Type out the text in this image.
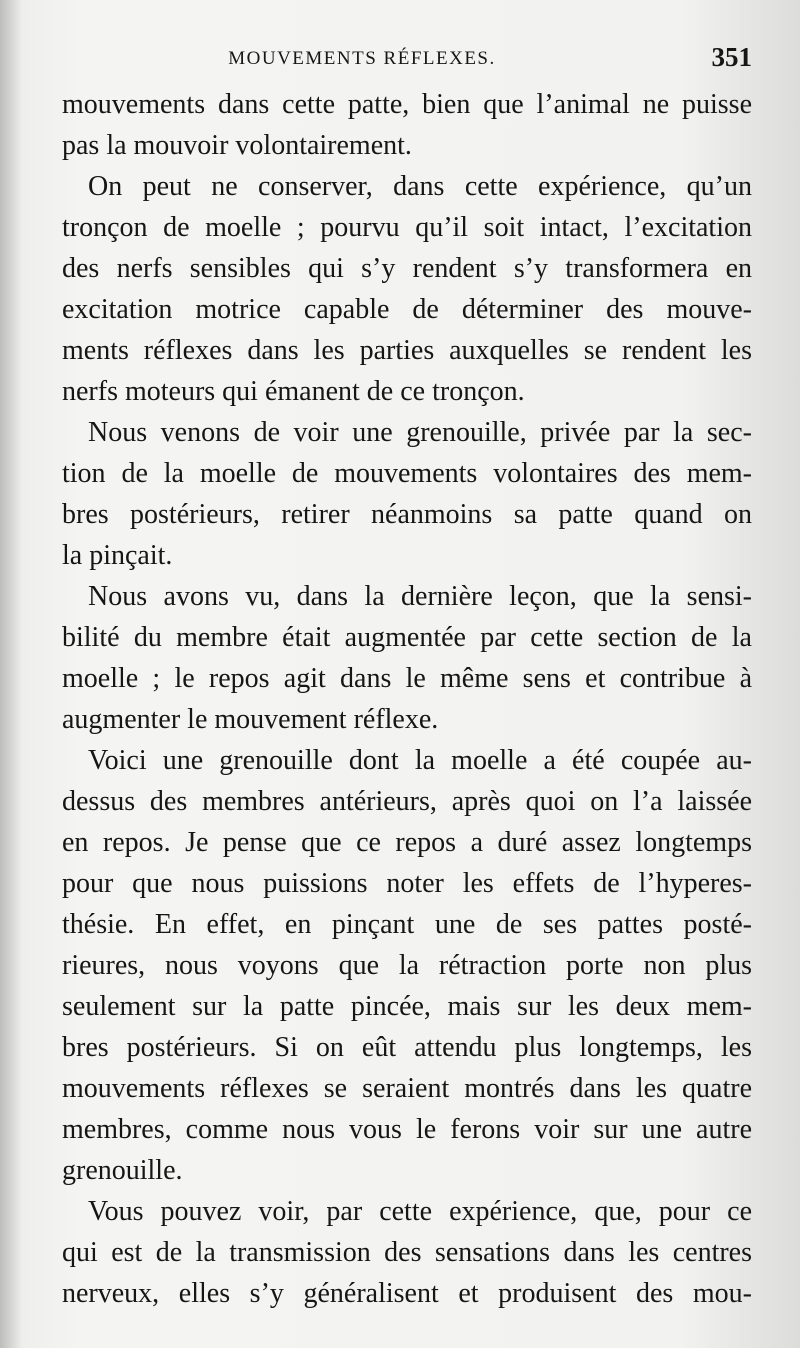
MOUVEMENTS RÉFLEXES.	351
mouvements dans cette patte, bien que l’animal ne puisse
pas la mouvoir volontairement.
On peut ne conserver, dans cette expérience, qu’un
tronçon de moelle ; pourvu qu’il soit intact, l’excitation
des nerfs sensibles qui s’y rendent s’y transformera en
excitation motrice capable de déterminer des mouve-
ments réflexes dans les parties auxquelles se rendent les
nerfs moteurs qui émanent de ce tronçon.
Nous venons de voir une grenouille, privée par la sec-
tion de la moelle de mouvements volontaires des mem-
bres postérieurs, retirer néanmoins sa patte quand on
la pinçait.
Nous avons vu, dans la dernière leçon, que la sensi-
bilité du membre était augmentée par cette section de la
moelle ; le repos agit dans le même sens et contribue à
augmenter le mouvement réflexe.
Voici une grenouille dont la moelle a été coupée au-
dessus des membres antérieurs, après quoi on l’a laissée
en repos. Je pense que ce repos a duré assez longtemps
pour que nous puissions noter les effets de l’hyperes-
thésie. En effet, en pinçant une de ses pattes posté-
rieures, nous voyons que la rétraction porte non plus
seulement sur la patte pincée, mais sur les deux mem-
bres postérieurs. Si on eût attendu plus longtemps, les
mouvements réflexes se seraient montrés dans les quatre
membres, comme nous vous le ferons voir sur une autre
grenouille.
Vous pouvez voir, par cette expérience, que, pour ce
qui est de la transmission des sensations dans les centres
nerveux, elles s’y généralisent et produisent des mou-
